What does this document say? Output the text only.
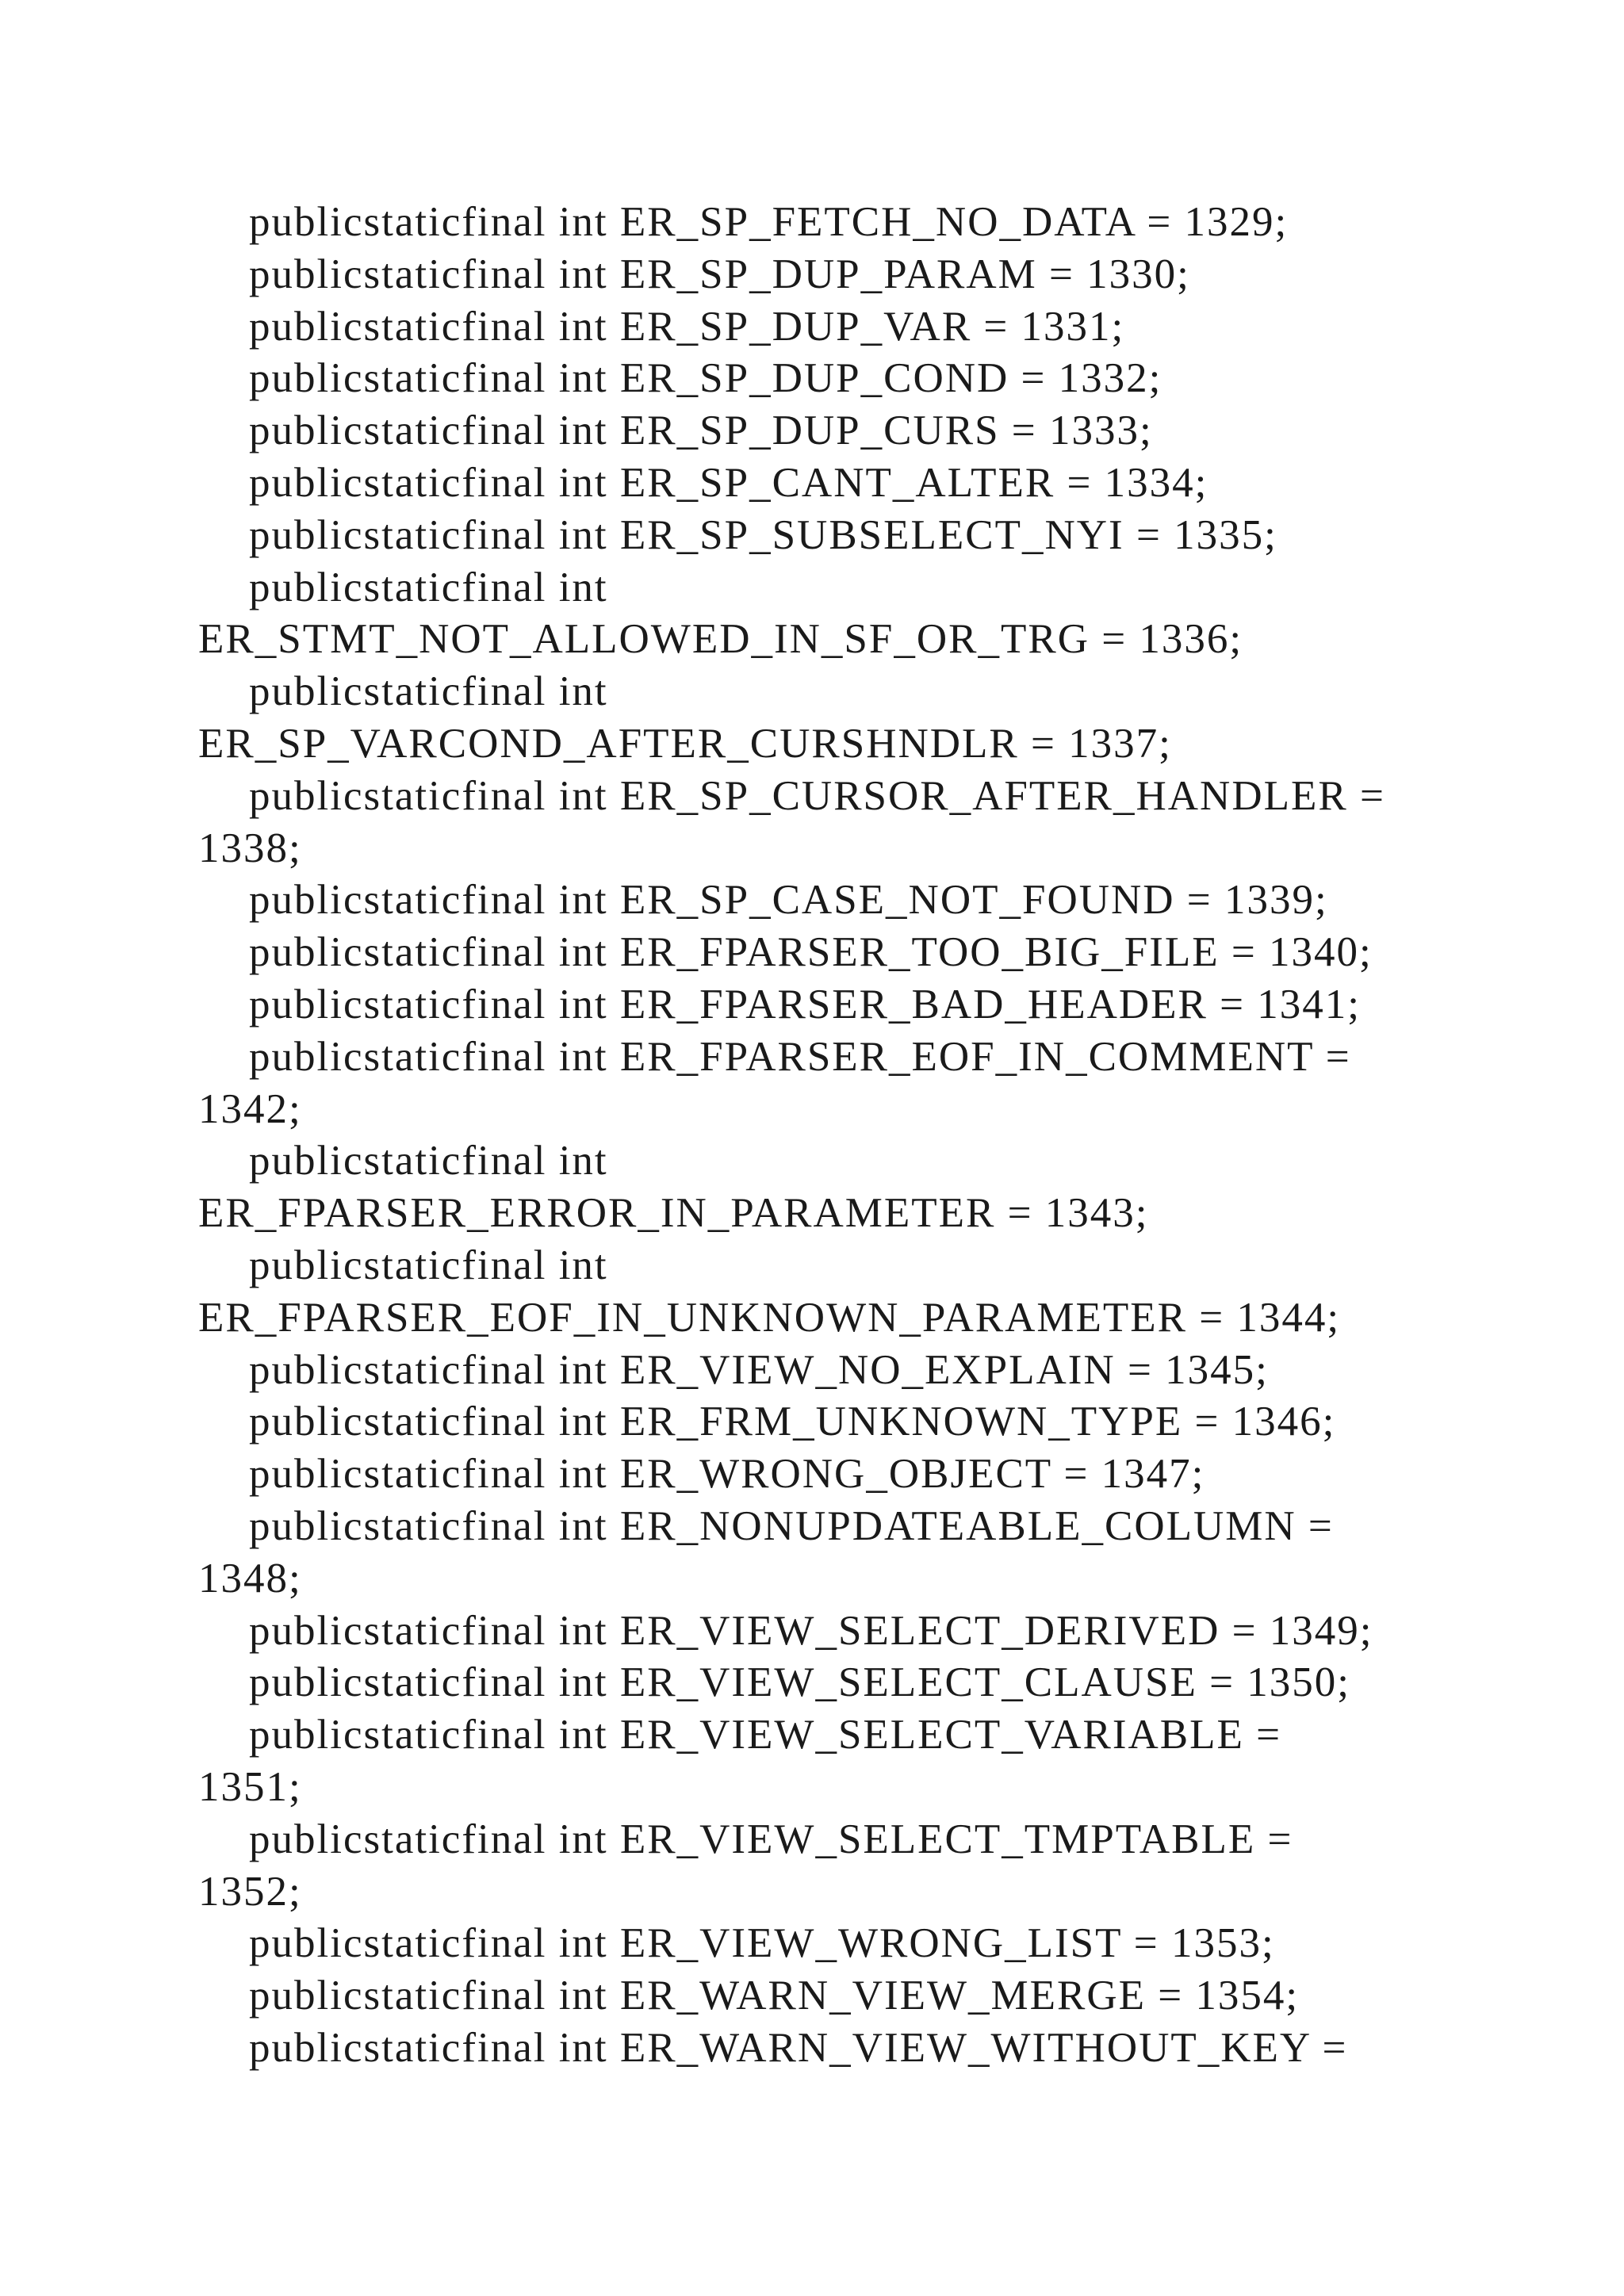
publicstaticfinal int ER_SP_FETCH_NO_DATA = 1329;
publicstaticfinal int ER_SP_DUP_PARAM = 1330;
publicstaticfinal int ER_SP_DUP_VAR = 1331;
publicstaticfinal int ER_SP_DUP_COND = 1332;
publicstaticfinal int ER_SP_DUP_CURS = 1333;
publicstaticfinal int ER_SP_CANT_ALTER = 1334;
publicstaticfinal int ER_SP_SUBSELECT_NYI = 1335;
publicstaticfinal int
ER_STMT_NOT_ALLOWED_IN_SF_OR_TRG = 1336;
publicstaticfinal int
ER_SP_VARCOND_AFTER_CURSHNDLR = 1337;
publicstaticfinal int ER_SP_CURSOR_AFTER_HANDLER =
1338;
publicstaticfinal int ER_SP_CASE_NOT_FOUND = 1339;
publicstaticfinal int ER_FPARSER_TOO_BIG_FILE = 1340;
publicstaticfinal int ER_FPARSER_BAD_HEADER = 1341;
publicstaticfinal int ER_FPARSER_EOF_IN_COMMENT =
1342;
publicstaticfinal int
ER_FPARSER_ERROR_IN_PARAMETER = 1343;
publicstaticfinal int
ER_FPARSER_EOF_IN_UNKNOWN_PARAMETER = 1344;
publicstaticfinal int ER_VIEW_NO_EXPLAIN = 1345;
publicstaticfinal int ER_FRM_UNKNOWN_TYPE = 1346;
publicstaticfinal int ER_WRONG_OBJECT = 1347;
publicstaticfinal int ER_NONUPDATEABLE_COLUMN =
1348;
publicstaticfinal int ER_VIEW_SELECT_DERIVED = 1349;
publicstaticfinal int ER_VIEW_SELECT_CLAUSE = 1350;
publicstaticfinal int ER_VIEW_SELECT_VARIABLE =
1351;
publicstaticfinal int ER_VIEW_SELECT_TMPTABLE =
1352;
publicstaticfinal int ER_VIEW_WRONG_LIST = 1353;
publicstaticfinal int ER_WARN_VIEW_MERGE = 1354;
publicstaticfinal int ER_WARN_VIEW_WITHOUT_KEY =
